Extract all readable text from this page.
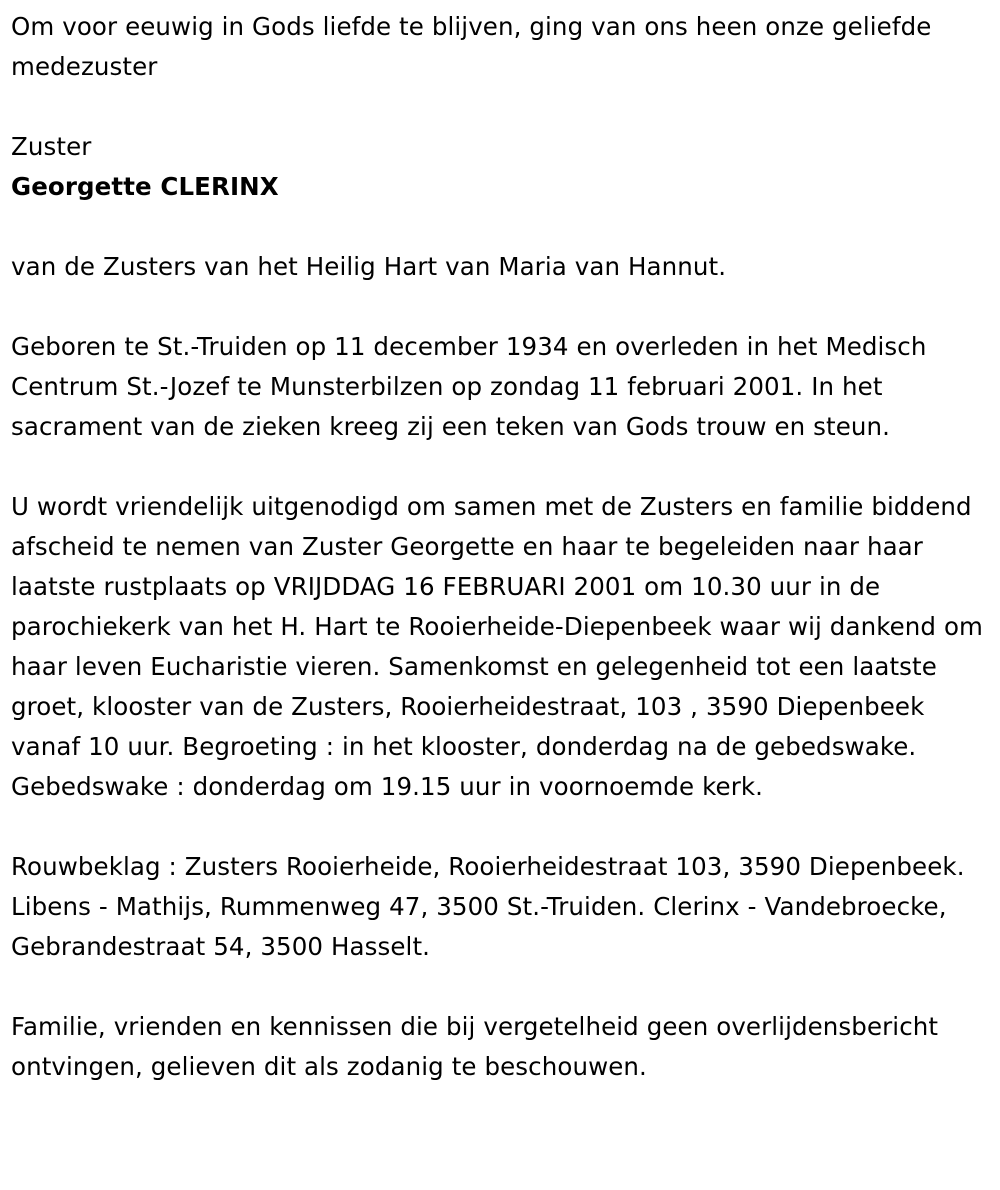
Om voor eeuwig in Gods liefde te blijven, ging van ons heen onze geliefde medezuster

Zuster

Georgette CLERINX

van de Zusters van het Heilig Hart van Maria van Hannut.

Geboren te St.-Truiden op 11 december 1934 en overleden in het Medisch Centrum St.-Jozef te Munsterbilzen op zondag 11 februari 2001. In het sacrament van de zieken kreeg zij een teken van Gods trouw en steun.

U wordt vriendelijk uitgenodigd om samen met de Zusters en familie biddend afscheid te nemen van Zuster Georgette en haar te begeleiden naar haar laatste rustplaats op VRIJDDAG 16 FEBRUARI 2001 om 10.30 uur in de parochiekerk van het H. Hart te Rooierheide-Diepenbeek waar wij dankend om haar leven Eucharistie vieren. Samenkomst en gelegenheid tot een laatste groet, klooster van de Zusters, Rooierheidestraat, 103 , 3590 Diepenbeek vanaf 10 uur. Begroeting : in het klooster, donderdag na de gebedswake. Gebedswake : donderdag om 19.15 uur in voornoemde kerk.

Rouwbeklag : Zusters Rooierheide, Rooierheidestraat 103, 3590 Diepenbeek. Libens - Mathijs, Rummenweg 47, 3500 St.-Truiden. Clerinx - Vandebroecke, Gebrandestraat 54, 3500 Hasselt.

Familie, vrienden en kennissen die bij vergetelheid geen overlijdensbericht ontvingen, gelieven dit als zodanig te beschouwen.
